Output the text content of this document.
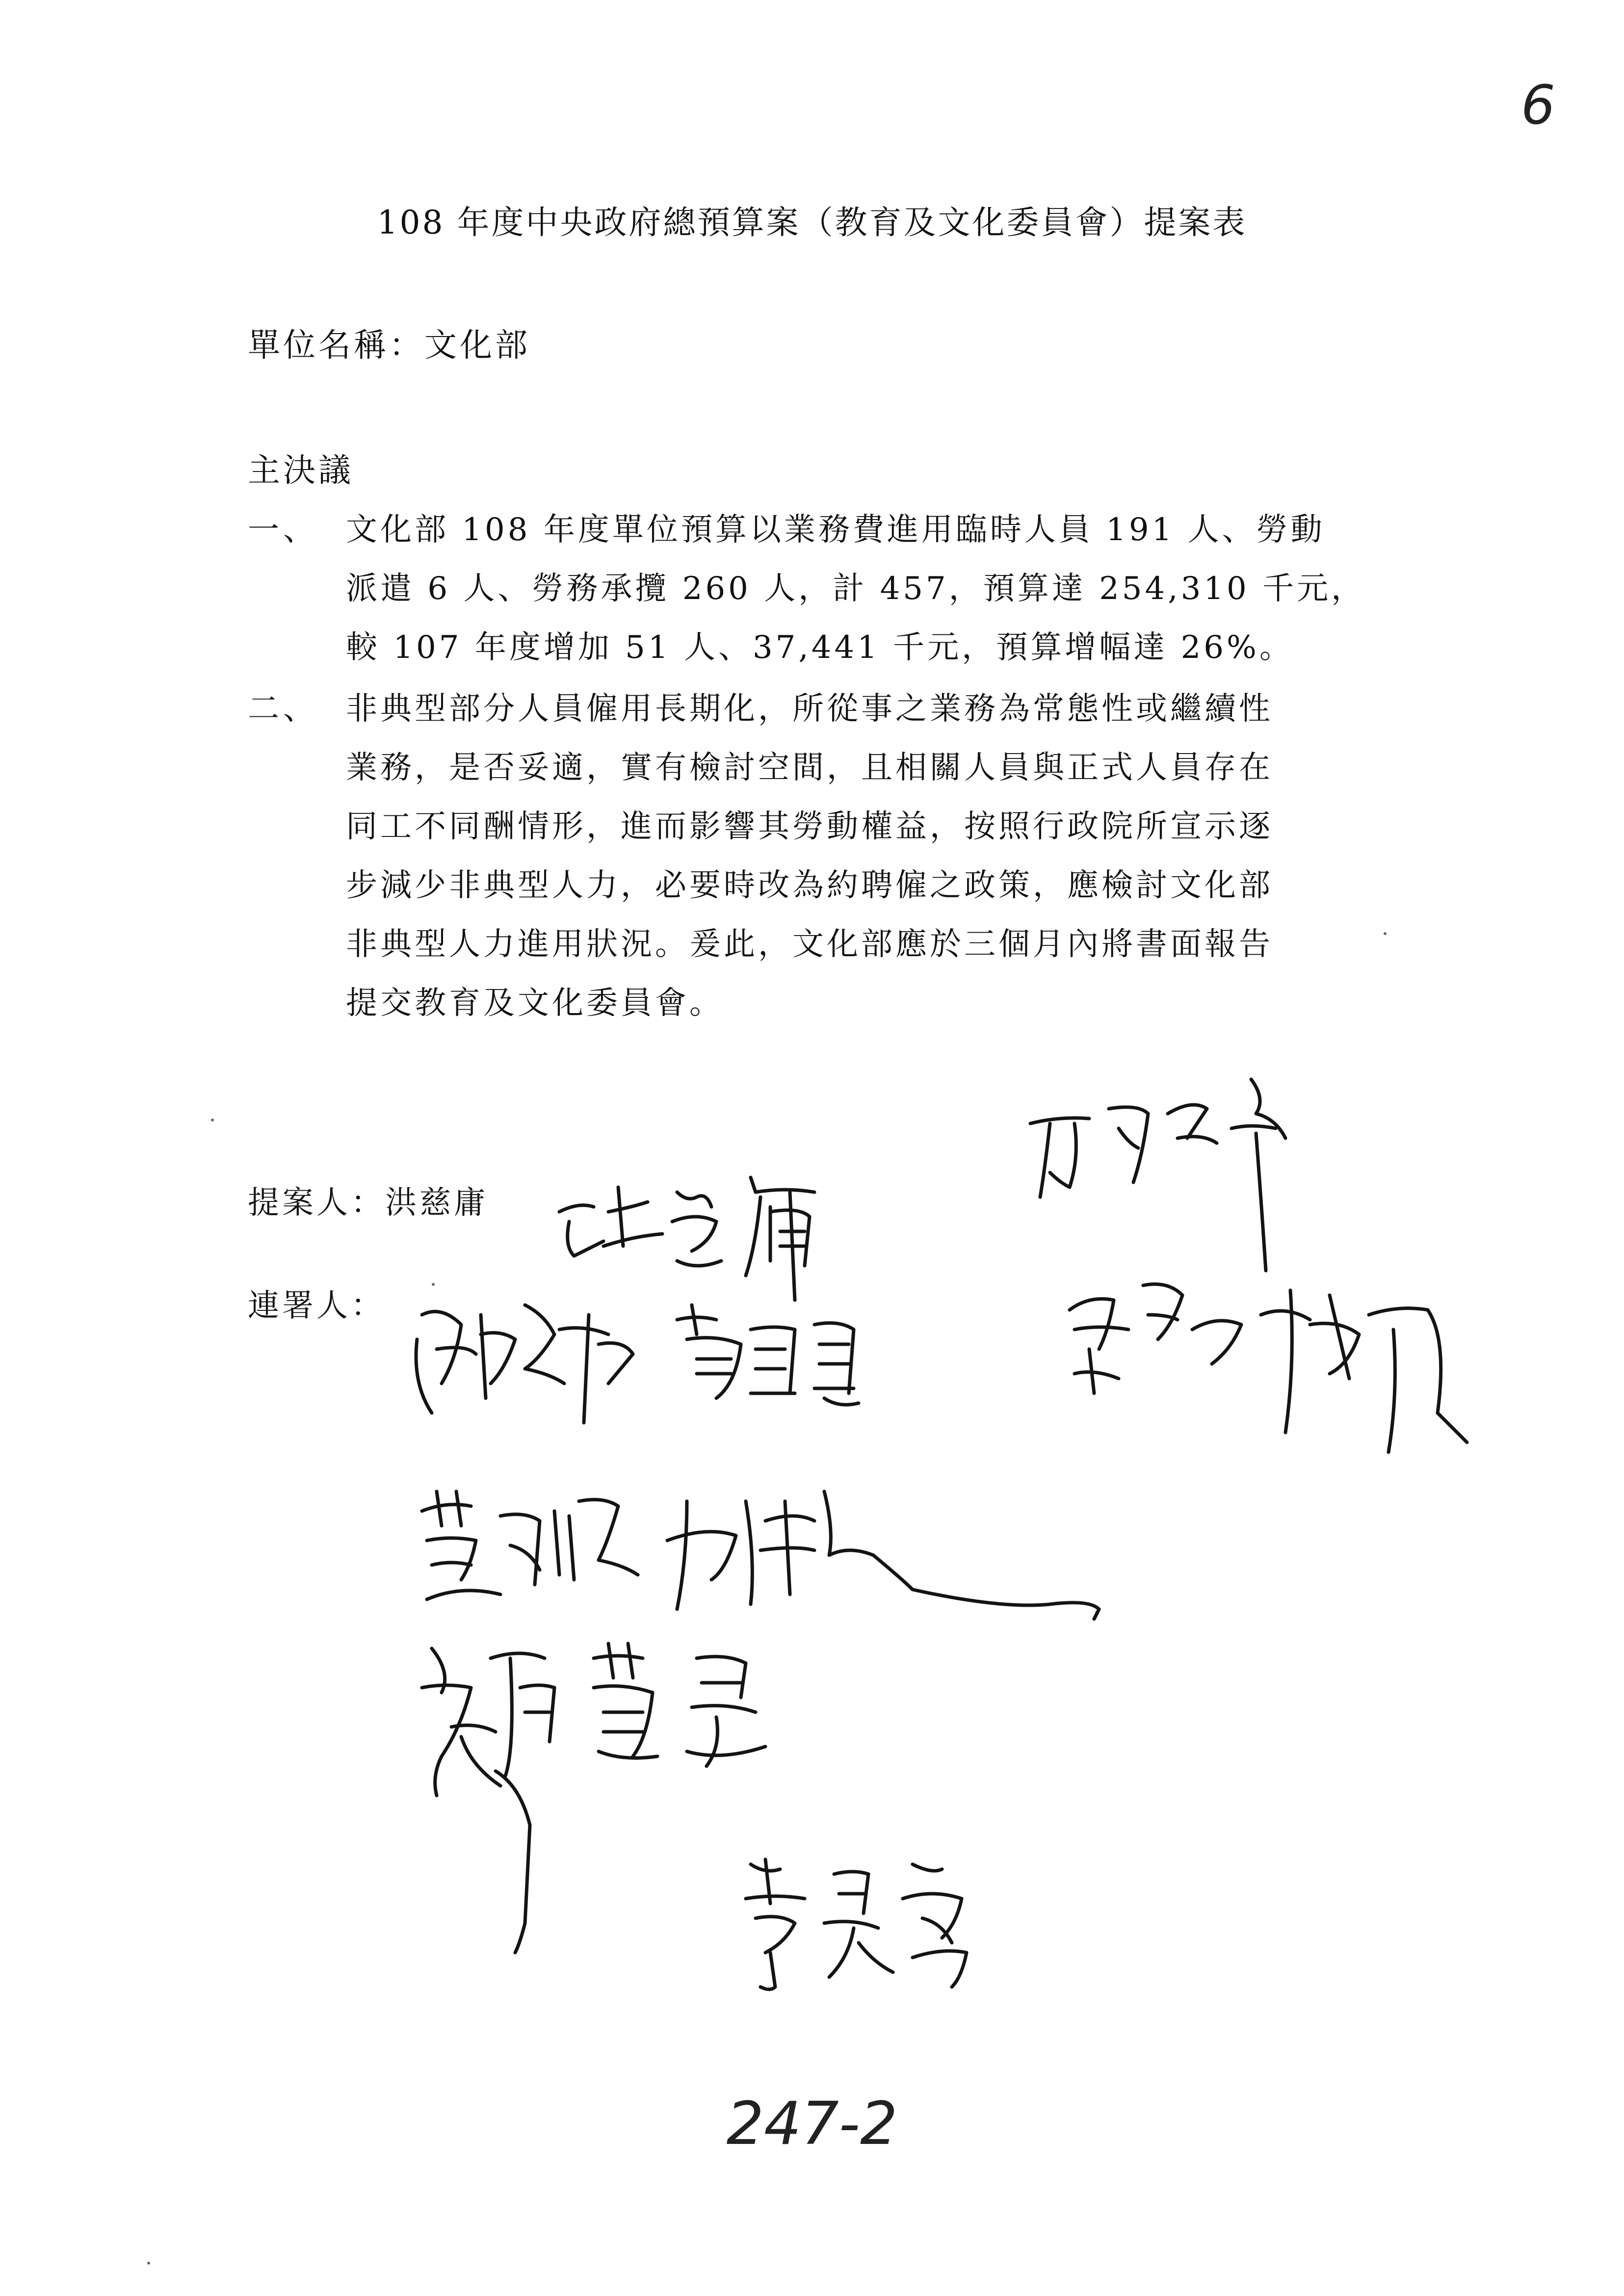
6
108 年度中央政府總預算案（教育及文化委員會）提案表
單位名稱：文化部
主決議
一、 文化部 108 年度單位預算以業務費進用臨時人員 191 人、勞動
派遣 6 人、勞務承攬 260 人，計 457，預算達 254,310 千元，
較 107 年度增加 51 人、37,441 千元，預算增幅達 26%。
二、 非典型部分人員僱用長期化，所從事之業務為常態性或繼續性
業務，是否妥適，實有檢討空間，且相關人員與正式人員存在
同工不同酬情形，進而影響其勞動權益，按照行政院所宣示逐
步減少非典型人力，必要時改為約聘僱之政策，應檢討文化部
非典型人力進用狀況。爰此，文化部應於三個月內將書面報告
提交教育及文化委員會。
提案人：洪慈庸
連署人：
247-2
